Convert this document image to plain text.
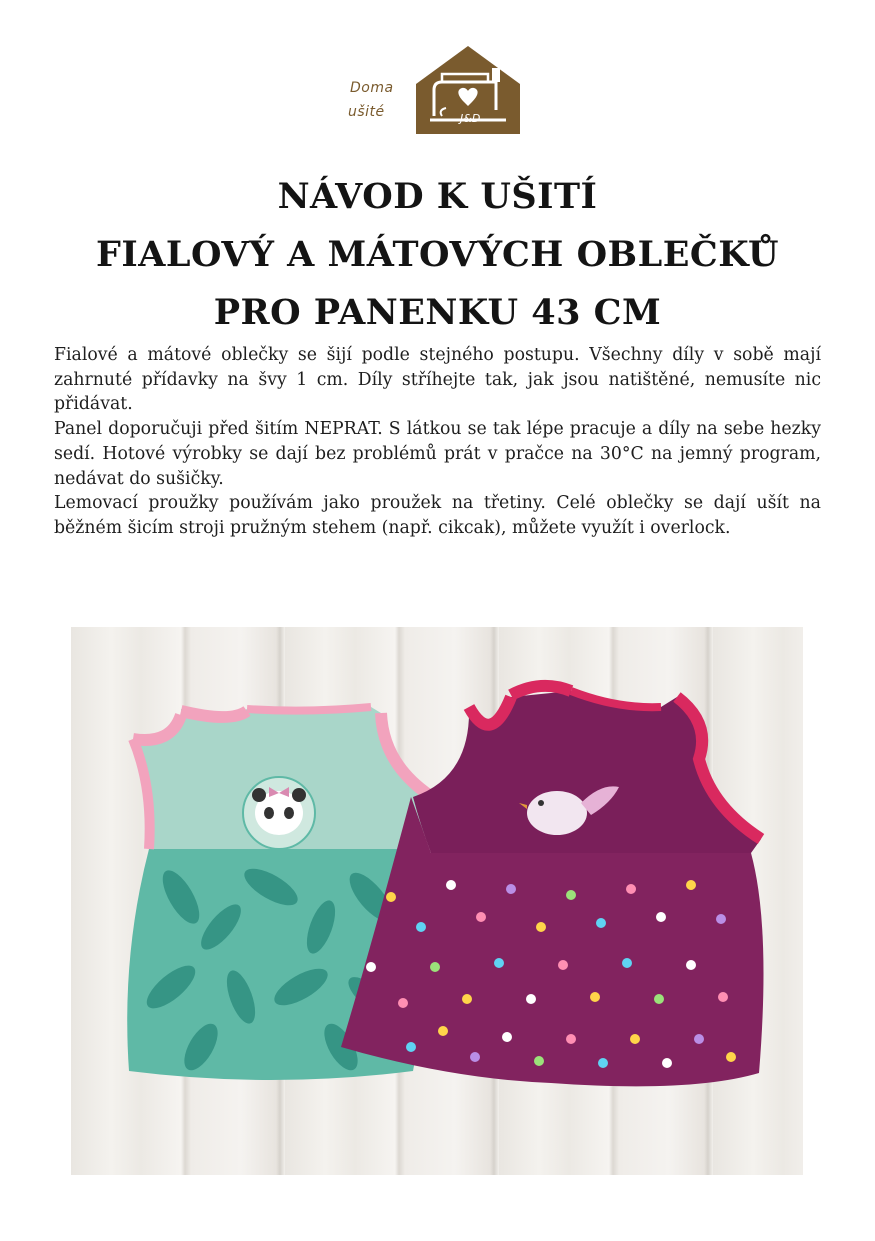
Doma
ušité	J&D
NÁVOD K UŠITÍ
FIALOVÝ A MÁTOVÝCH OBLEČKŮ
PRO PANENKU 43 CM

Fialové a mátové oblečky se šijí podle stejného postupu. Všechny díly v sobě mají zahrnuté přídavky na švy 1 cm. Díly stříhejte tak, jak jsou natištěné, nemusíte nic přidávat.

Panel doporučuji před šitím NEPRAT. S látkou se tak lépe pracuje a díly na sebe hezky sedí. Hotové výrobky se dají bez problémů prát v pračce na 30°C na jemný program, nedávat do sušičky.

Lemovací proužky používám jako proužek na třetiny. Celé oblečky se dají ušít na běžném šicím stroji pružným stehem (např. cikcak), můžete využít i overlock.
